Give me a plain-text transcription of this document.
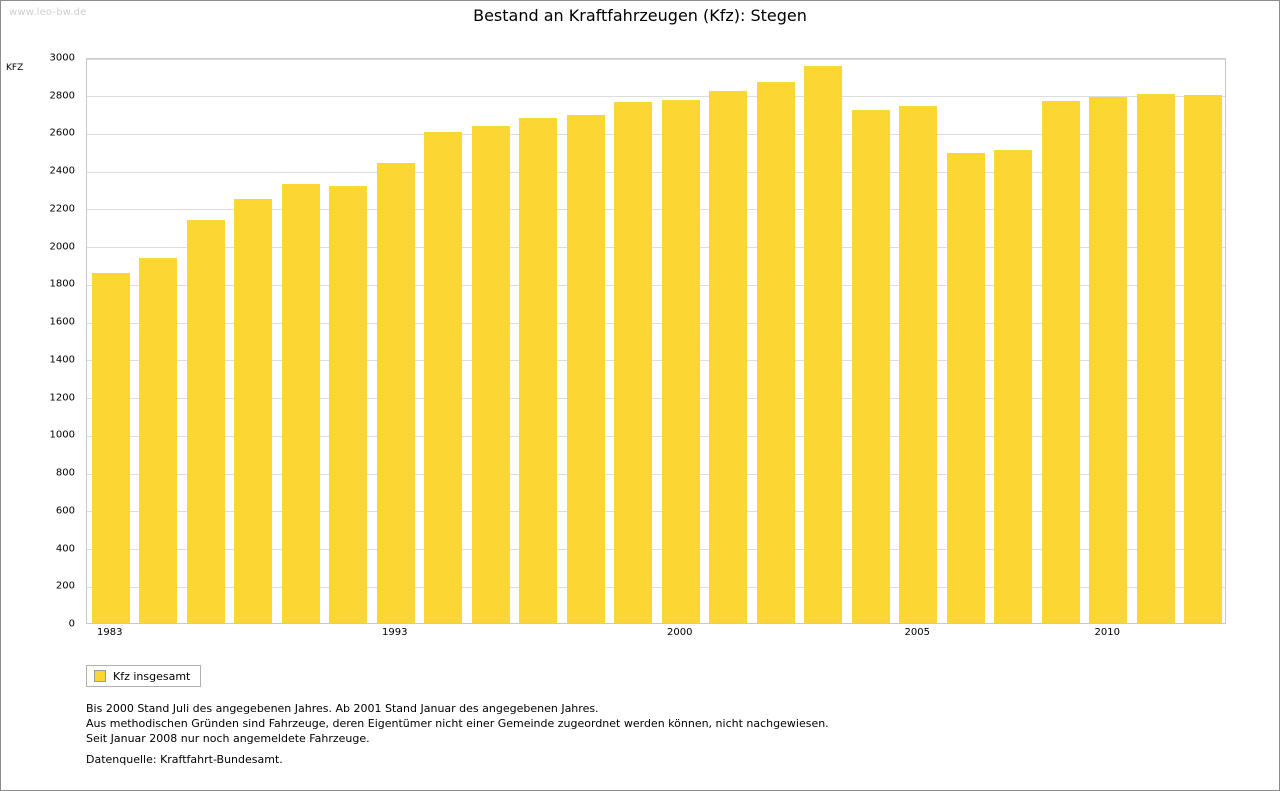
www.leo-bw.de	Bestand an Kraftfahrzeugen (Kfz): Stegen
KFZ
0
200
400
600
800
1000
1200
1400
1600
1800
2000
2200
2400
2600
2800
3000
1983	1993	2000	2005	2010
Kfz insgesamt
Bis 2000 Stand Juli des angegebenen Jahres. Ab 2001 Stand Januar des angegebenen Jahres.
Aus methodischen Gründen sind Fahrzeuge, deren Eigentümer nicht einer Gemeinde zugeordnet werden können, nicht nachgewiesen.
Seit Januar 2008 nur noch angemeldete Fahrzeuge.
Datenquelle: Kraftfahrt-Bundesamt.
